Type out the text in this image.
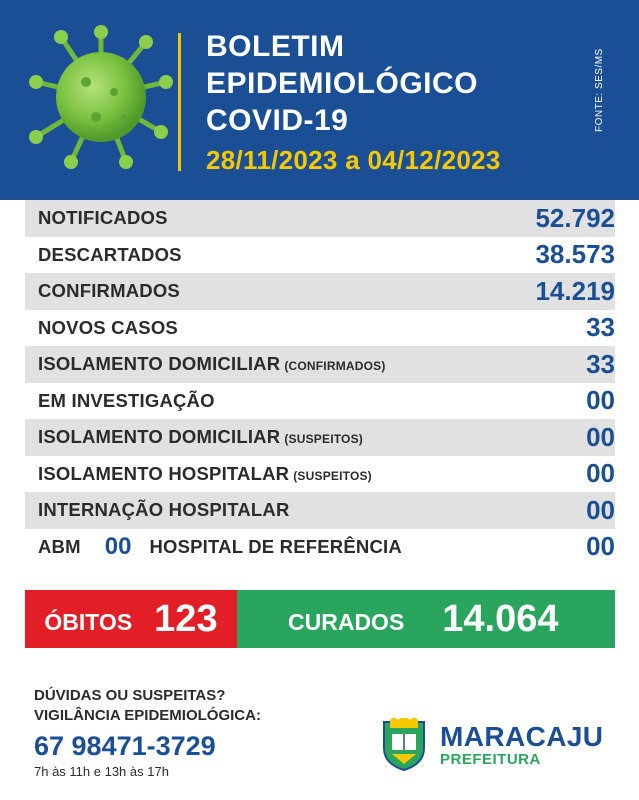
BOLETIM
EPIDEMIOLÓGICO
COVID-19
28/11/2023 a 04/12/2023
FONTE: SES/MS
NOTIFICADOS	52.792
DESCARTADOS	38.573
CONFIRMADOS	14.219
NOVOS CASOS	33
ISOLAMENTO DOMICILIAR (CONFIRMADOS)	33
EM INVESTIGAÇÃO	00
ISOLAMENTO DOMICILIAR (SUSPEITOS)	00
ISOLAMENTO HOSPITALAR (SUSPEITOS)	00
INTERNAÇÃO HOSPITALAR	00
ABM 00 HOSPITAL DE REFERÊNCIA	00
ÓBITOS 123	CURADOS 14.064
DÚVIDAS OU SUSPEITAS?
VIGILÂNCIA EPIDEMIOLÓGICA:
67 98471-3729
7h às 11h e 13h às 17h
MARACAJU
PREFEITURA
